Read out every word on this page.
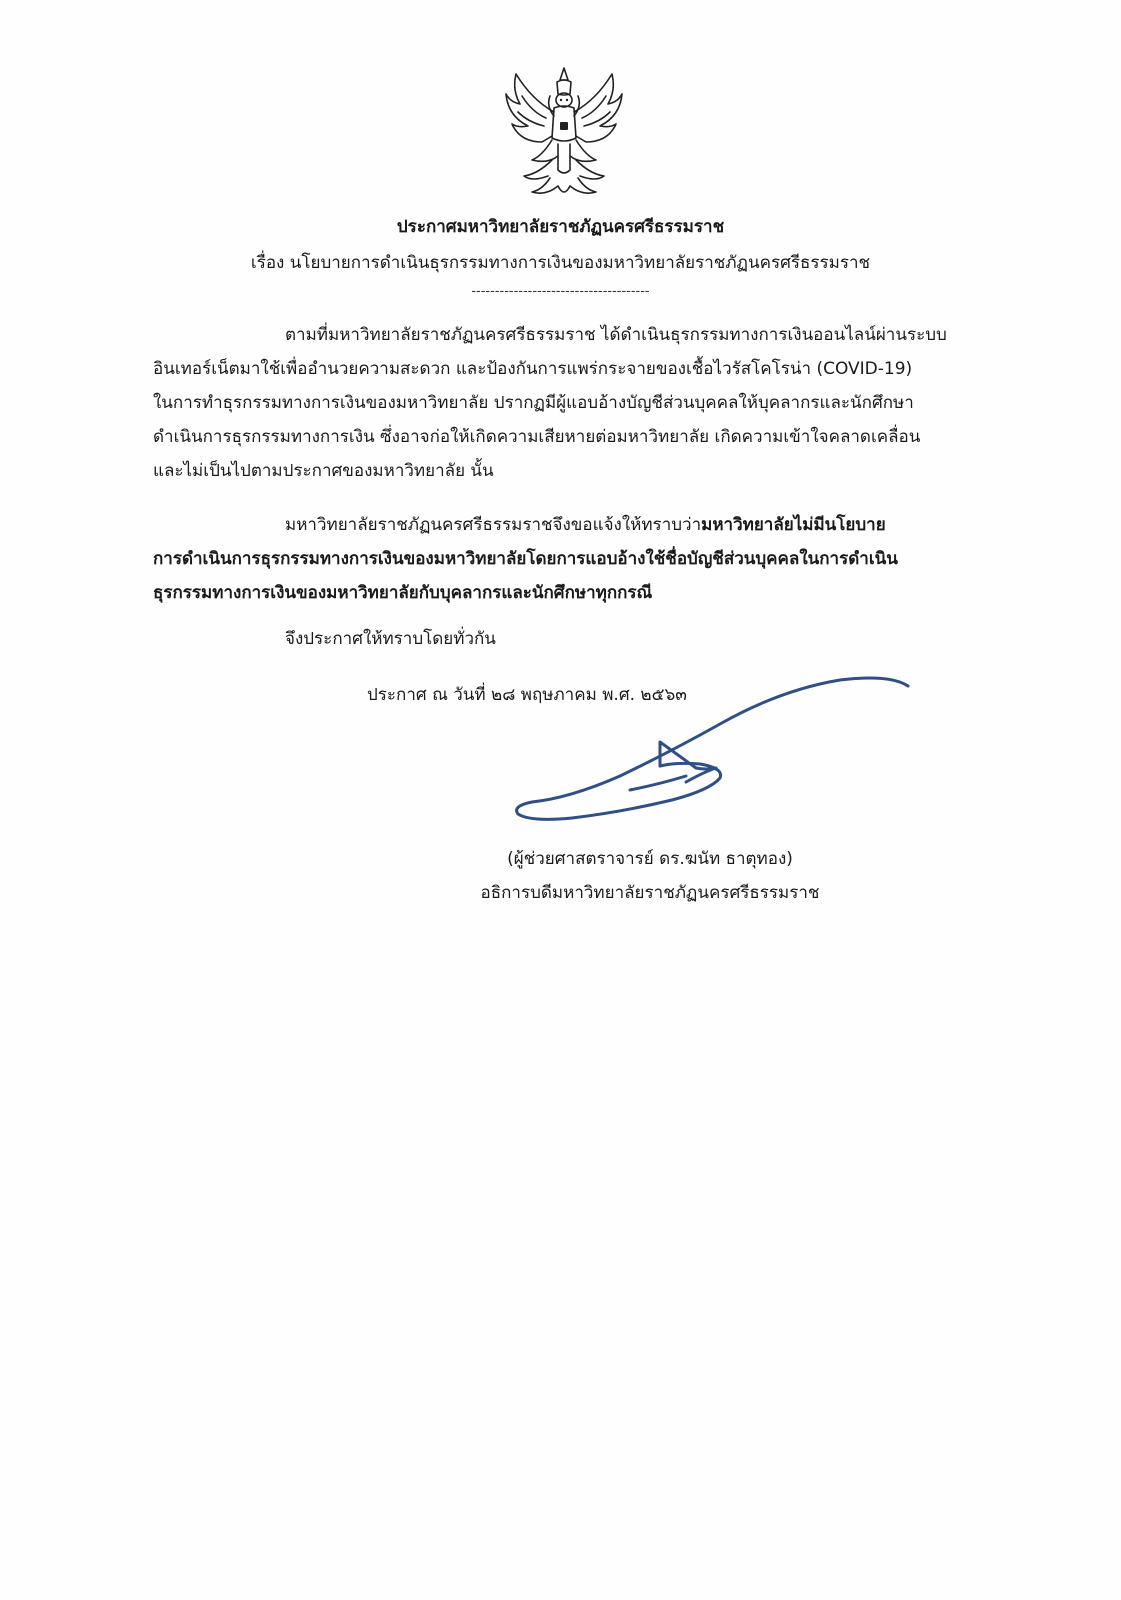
ประกาศมหาวิทยาลัยราชภัฏนครศรีธรรมราช
เรื่อง นโยบายการดำเนินธุรกรรมทางการเงินของมหาวิทยาลัยราชภัฏนครศรีธรรมราช
--------------------------------------
ตามที่มหาวิทยาลัยราชภัฏนครศรีธรรมราช ได้ดำเนินธุรกรรมทางการเงินออนไลน์ผ่านระบบ
อินเทอร์เน็ตมาใช้เพื่ออำนวยความสะดวก และป้องกันการแพร่กระจายของเชื้อไวรัสโคโรน่า (COVID-19)
ในการทำธุรกรรมทางการเงินของมหาวิทยาลัย ปรากฏมีผู้แอบอ้างบัญชีส่วนบุคคลให้บุคลากรและนักศึกษา
ดำเนินการธุรกรรมทางการเงิน ซึ่งอาจก่อให้เกิดความเสียหายต่อมหาวิทยาลัย เกิดความเข้าใจคลาดเคลื่อน
และไม่เป็นไปตามประกาศของมหาวิทยาลัย นั้น
มหาวิทยาลัยราชภัฏนครศรีธรรมราชจึงขอแจ้งให้ทราบว่ามหาวิทยาลัยไม่มีนโยบาย
การดำเนินการธุรกรรมทางการเงินของมหาวิทยาลัยโดยการแอบอ้างใช้ชื่อบัญชีส่วนบุคคลในการดำเนิน
ธุรกรรมทางการเงินของมหาวิทยาลัยกับบุคลากรและนักศึกษาทุกกรณี
จึงประกาศให้ทราบโดยทั่วกัน
ประกาศ ณ วันที่ ๒๘ พฤษภาคม พ.ศ. ๒๕๖๓
(ผู้ช่วยศาสตราจารย์ ดร.ฆนัท ธาตุทอง)
อธิการบดีมหาวิทยาลัยราชภัฏนครศรีธรรมราช
